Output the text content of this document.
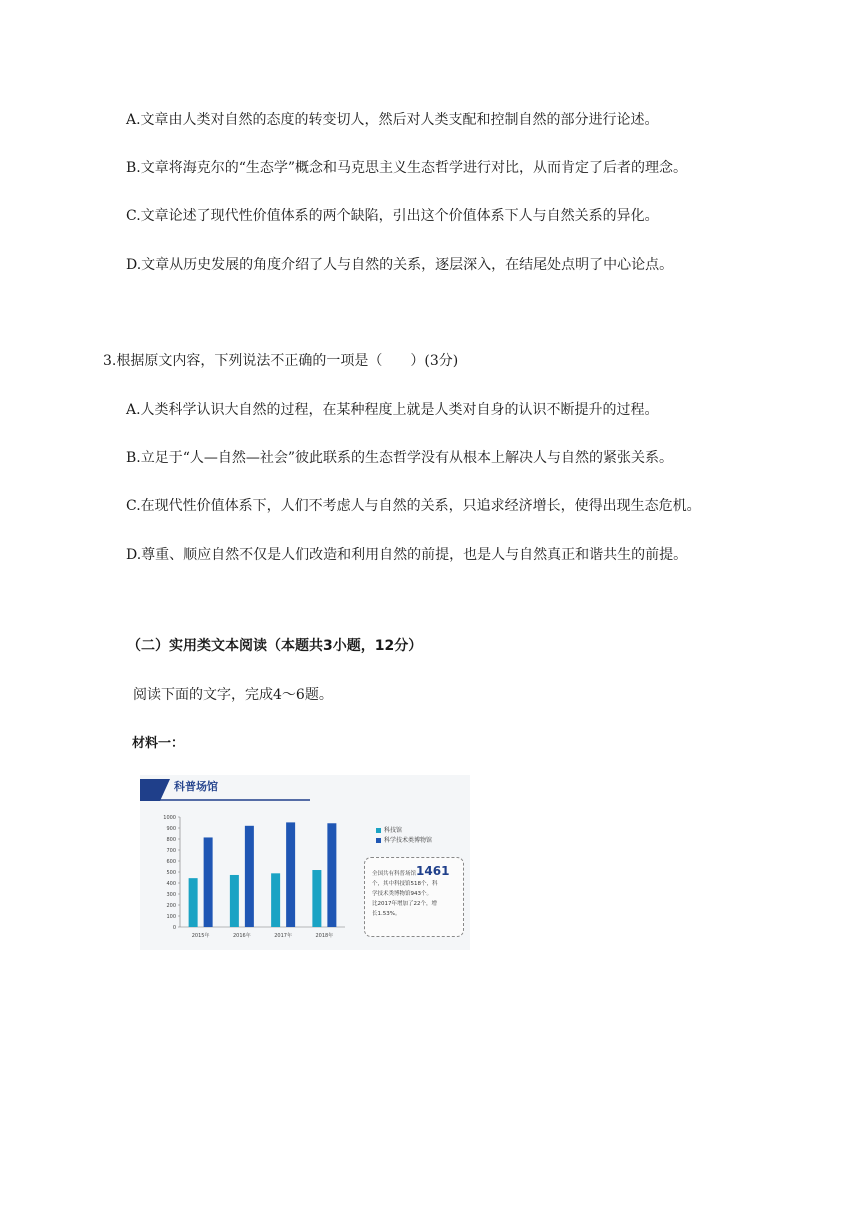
A.文章由人类对自然的态度的转变切人，然后对人类支配和控制自然的部分进行论述。
B.文章将海克尔的“生态学”概念和马克思主义生态哲学进行对比，从而肯定了后者的理念。
C.文章论述了现代性价值体系的两个缺陷，引出这个价值体系下人与自然关系的异化。
D.文章从历史发展的角度介绍了人与自然的关系，逐层深入，在结尾处点明了中心论点。
3.根据原文内容，下列说法不正确的一项是（　　）(3分)
A.人类科学认识大自然的过程，在某种程度上就是人类对自身的认识不断提升的过程。
B.立足于“人—自然—社会”彼此联系的生态哲学没有从根本上解决人与自然的紧张关系。
C.在现代性价值体系下，人们不考虑人与自然的关系，只追求经济增长，使得出现生态危机。
D.尊重、顺应自然不仅是人们改造和利用自然的前提，也是人与自然真正和谐共生的前提。
（二）实用类文本阅读（本题共3小题，12分）
阅读下面的文字，完成4～6题。
材料一：
科普场馆
0
100
200
300
400
500
600
700
800
900
1000
2015年	2016年	2017年	2018年
科技馆
科学技术类博物馆
全国共有科普场馆1461
个，其中科技馆518个，科
学技术类博物馆943个。
比2017年增加了22个，增
长1.53%。
